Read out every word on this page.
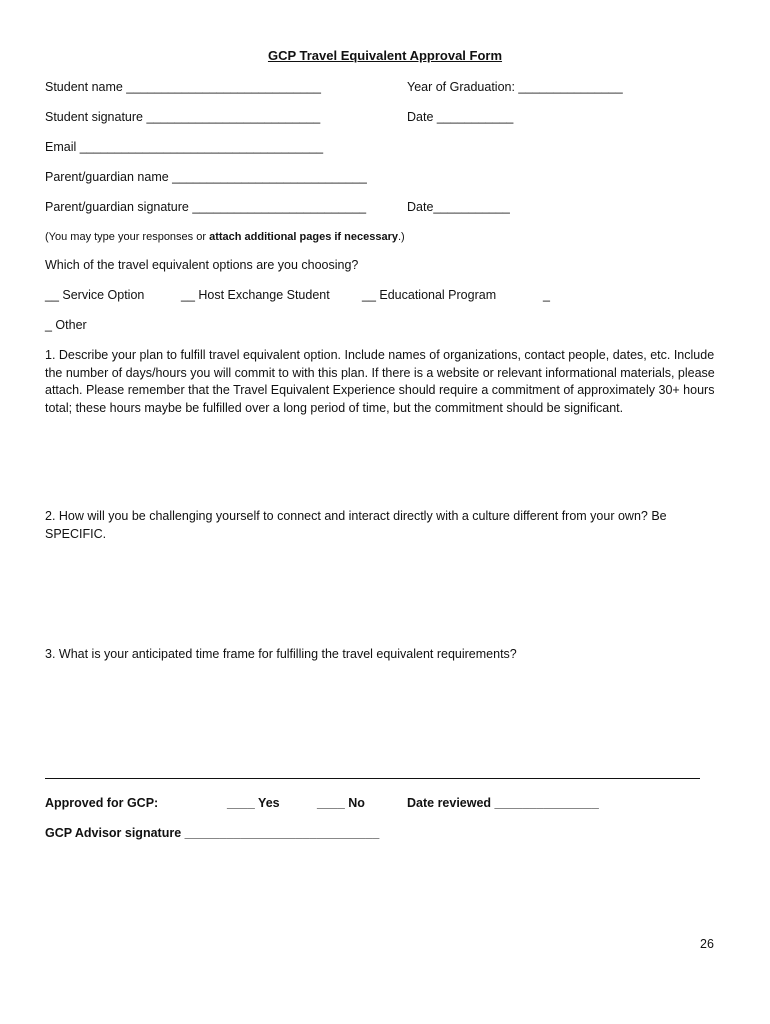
GCP Travel Equivalent Approval Form
Student name ____________________________	Year of Graduation: _______________
Student signature _________________________	Date ___________
Email ___________________________________
Parent/guardian name ____________________________
Parent/guardian signature _________________________	Date___________
(You may type your responses or attach additional pages if necessary.)
Which of the travel equivalent options are you choosing?
__ Service Option	__ Host Exchange Student	__ Educational Program	_
_ Other
1. Describe your plan to fulfill travel equivalent option. Include names of organizations, contact people, dates, etc. Include the number of days/hours you will commit to with this plan. If there is a website or relevant informational materials, please attach. Please remember that the Travel Equivalent Experience should require a commitment of approximately 30+ hours total; these hours maybe be fulfilled over a long period of time, but the commitment should be significant.
2. How will you be challenging yourself to connect and interact directly with a culture different from your own? Be SPECIFIC.
3. What is your anticipated time frame for fulfilling the travel equivalent requirements?
Approved for GCP:	____ Yes	____ No	Date reviewed _______________
GCP Advisor signature ____________________________
26
